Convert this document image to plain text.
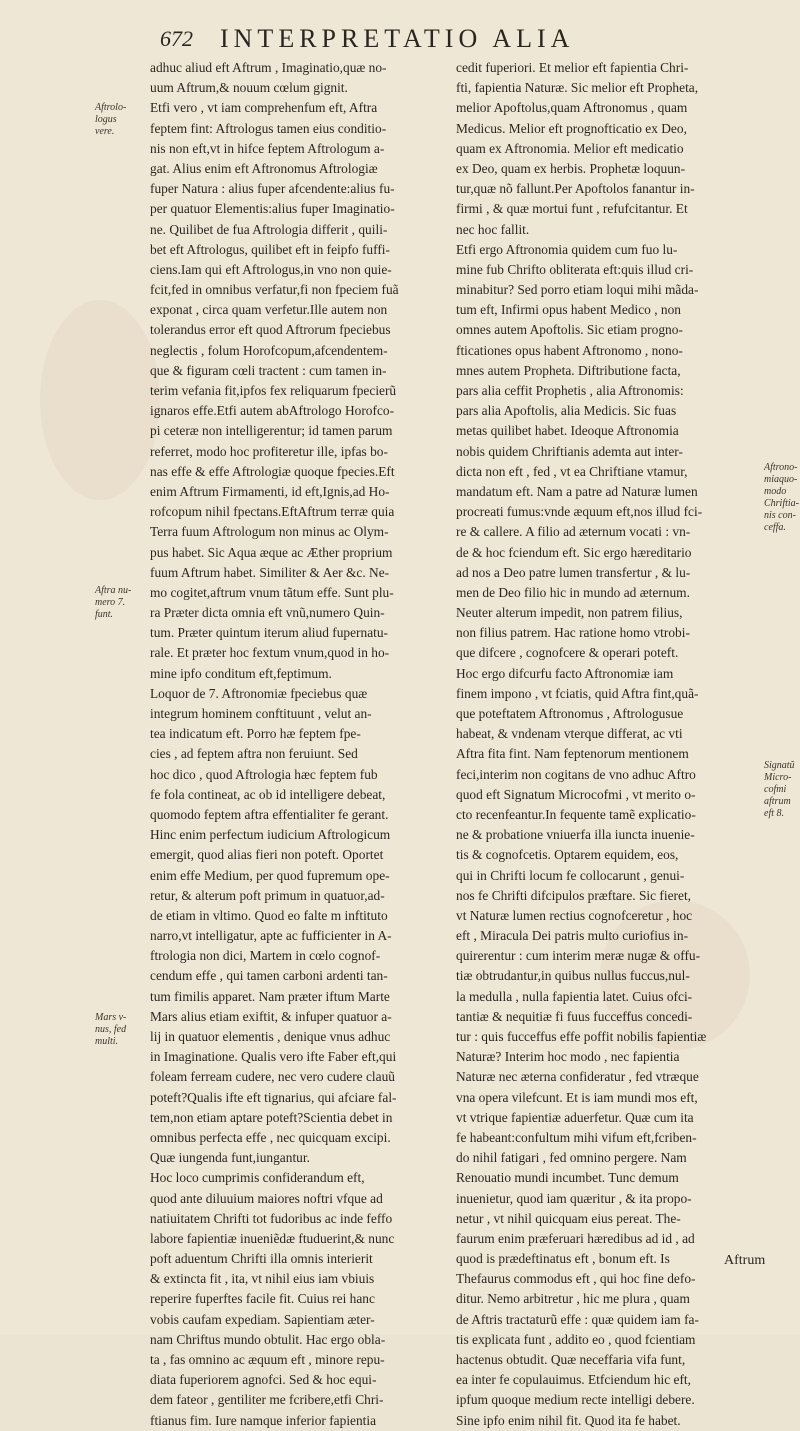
672 INTERPRETATIO ALIA
Aftrolo-
logus
vere.
Aftra nu-
mero 7.
funt.
Mars v-
nus, fed
multi.
Aftrono-
miaquo-
modo
Chriftia-
nis con-
ceffa.
Signatũ
Micro-
cofmi
aftrum
eft 8.
adhuc aliud eft Aftrum , Imaginatio,quæ no-
uum Aftrum,& nouum cœlum gignit.
Etfi vero , vt iam comprehenfum eft, Aftra
feptem fint: Aftrologus tamen eius conditio-
nis non eft,vt in hifce feptem Aftrologum a-
gat. Alius enim eft Aftronomus Aftrologiæ
fuper Natura : alius fuper afcendente:alius fu-
per quatuor Elementis:alius fuper Imaginatio-
ne. Quilibet de fua Aftrologia differit , quili-
bet eft Aftrologus, quilibet eft in feipfo fuffi-
ciens.Iam qui eft Aftrologus,in vno non quie-
fcit,fed in omnibus verfatur,fi non fpeciem fuã
exponat , circa quam verfetur.Ille autem non
tolerandus error eft quod Aftrorum fpeciebus
neglectis , folum Horofcopum,afcendentem-
que & figuram cœli tractent : cum tamen in-
terim vefania fit,ipfos fex reliquarum fpecierũ
ignaros effe.Etfi autem abAftrologo Horofco-
pi ceteræ non intelligerentur; id tamen parum
referret, modo hoc profiteretur ille, ipfas bo-
nas effe & effe Aftrologiæ quoque fpecies.Eft
enim Aftrum Firmamenti, id eft,Ignis,ad Ho-
rofcopum nihil fpectans.EftAftrum terræ quia
Terra fuum Aftrologum non minus ac Olym-
pus habet. Sic Aqua æque ac Æther proprium
fuum Aftrum habet. Similiter & Aer &c. Ne-
mo cogitet,aftrum vnum tãtum effe. Sunt plu-
ra Præter dicta omnia eft vnũ,numero Quin-
tum. Præter quintum iterum aliud fupernatu-
rale. Et præter hoc fextum vnum,quod in ho-
mine ipfo conditum eft,feptimum.
Loquor de 7. Aftronomiæ fpeciebus quæ
integrum hominem conftituunt , velut an-
tea indicatum eft. Porro hæ feptem fpe-
cies , ad feptem aftra non feruiunt. Sed
hoc dico , quod Aftrologia hæc feptem fub
fe fola contineat, ac ob id intelligere debeat,
quomodo feptem aftra effentialiter fe gerant.
Hinc enim perfectum iudicium Aftrologicum
emergit, quod alias fieri non poteft. Oportet
enim effe Medium, per quod fupremum ope-
retur, & alterum poft primum in quatuor,ad-
de etiam in vltimo. Quod eo falte m inftituto
narro,vt intelligatur, apte ac fufficienter in A-
ftrologia non dici, Martem in cœlo cognof-
cendum effe , qui tamen carboni ardenti tan-
tum fimilis apparet. Nam præter iftum Marte
Mars alius etiam exiftit, & infuper quatuor a-
lij in quatuor elementis , denique vnus adhuc
in Imaginatione. Qualis vero ifte Faber eft,qui
foleam ferream cudere, nec vero cudere clauũ
poteft?Qualis ifte eft tignarius, qui afciare fal-
tem,non etiam aptare poteft?Scientia debet in
omnibus perfecta effe , nec quicquam excipi.
Quæ iungenda funt,iungantur.
Hoc loco cumprimis confiderandum eft,
quod ante diluuium maiores noftri vfque ad
natiuitatem Chrifti tot fudoribus ac inde feffo
labore fapientiæ inueniẽdæ ftuduerint,& nunc
poft aduentum Chrifti illa omnis interierit
& extincta fit , ita, vt nihil eius iam vbiuis
reperire fuperftes facile fit. Cuius rei hanc
vobis caufam expediam. Sapientiam æter-
nam Chriftus mundo obtulit. Hac ergo obla-
ta , fas omnino ac æquum eft , minore repu-
diata fuperiorem agnofci. Sed & hoc equi-
dem fateor , gentiliter me fcribere,etfi Chri-
ftianus fim. Iure namque inferior fapientia
cedit fuperiori. Et melior eft fapientia Chri-
fti, fapientia Naturæ. Sic melior eft Propheta,
melior Apoftolus,quam Aftronomus , quam
Medicus. Melior eft prognofticatio ex Deo,
quam ex Aftronomia. Melior eft medicatio
ex Deo, quam ex herbis. Prophetæ loquun-
tur,quæ nõ fallunt.Per Apoftolos fanantur in-
firmi , & quæ mortui funt , refufcitantur. Et
nec hoc fallit.
Etfi ergo Aftronomia quidem cum fuo lu-
mine fub Chrifto obliterata eft:quis illud cri-
minabitur? Sed porro etiam loqui mihi mãda-
tum eft, Infirmi opus habent Medico , non
omnes autem Apoftolis. Sic etiam progno-
fticationes opus habent Aftronomo , nono-
mnes autem Propheta. Diftributione facta,
pars alia ceffit Prophetis , alia Aftronomis:
pars alia Apoftolis, alia Medicis. Sic fuas
metas quilibet habet. Ideoque Aftronomia
nobis quidem Chriftianis ademta aut inter-
dicta non eft , fed , vt ea Chriftiane vtamur,
mandatum eft. Nam a patre ad Naturæ lumen
procreati fumus:vnde æquum eft,nos illud fci-
re & callere. A filio ad æternum vocati : vn-
de & hoc fciendum eft. Sic ergo hæreditario
ad nos a Deo patre lumen transfertur , & lu-
men de Deo filio hic in mundo ad æternum.
Neuter alterum impedit, non patrem filius,
non filius patrem. Hac ratione homo vtrobi-
que difcere , cognofcere & operari poteft.
Hoc ergo difcurfu facto Aftronomiæ iam
finem impono , vt fciatis, quid Aftra fint,quã-
que poteftatem Aftronomus , Aftrologusue
habeat, & vndenam vterque differat, ac vti
Aftra fita fint. Nam feptenorum mentionem
feci,interim non cogitans de vno adhuc Aftro
quod eft Signatum Microcofmi , vt merito o-
cto recenfeantur.In fequente tamẽ explicatio-
ne & probatione vniuerfa illa iuncta inuenie-
tis & cognofcetis. Optarem equidem, eos,
qui in Chrifti locum fe collocarunt , genui-
nos fe Chrifti difcipulos præftare. Sic fieret,
vt Naturæ lumen rectius cognofceretur , hoc
eft , Miracula Dei patris multo curiofius in-
quirerentur : cum interim meræ nugæ & offu-
tiæ obtrudantur,in quibus nullus fuccus,nul-
la medulla , nulla fapientia latet. Cuius ofci-
tantiæ & nequitiæ fi fuus fucceffus concedi-
tur : quis fucceffus effe poffit nobilis fapientiæ
Naturæ? Interim hoc modo , nec fapientia
Naturæ nec æterna confideratur , fed vtræque
vna opera vilefcunt. Et is iam mundi mos eft,
vt vtrique fapientiæ aduerfetur. Quæ cum ita
fe habeant:confultum mihi vifum eft,fcriben-
do nihil fatigari , fed omnino pergere. Nam
Renouatio mundi incumbet. Tunc demum
inuenietur, quod iam quæritur , & ita propo-
netur , vt nihil quicquam eius pereat. The-
faurum enim præferuari hæredibus ad id , ad
quod is prædeftinatus eft , bonum eft. Is
Thefaurus commodus eft , qui hoc fine defo-
ditur. Nemo arbitretur , hic me plura , quam
de Aftris tractaturũ effe : quæ quidem iam fa-
tis explicata funt , addito eo , quod fcientiam
hactenus obtudit. Quæ neceffaria vifa funt,
ea inter fe copulauimus. Etfciendum hic eft,
ipfum quoque medium recte intelligi debere.
Sine ipfo enim nihil fit. Quod ita fe habet.
Aftrum
